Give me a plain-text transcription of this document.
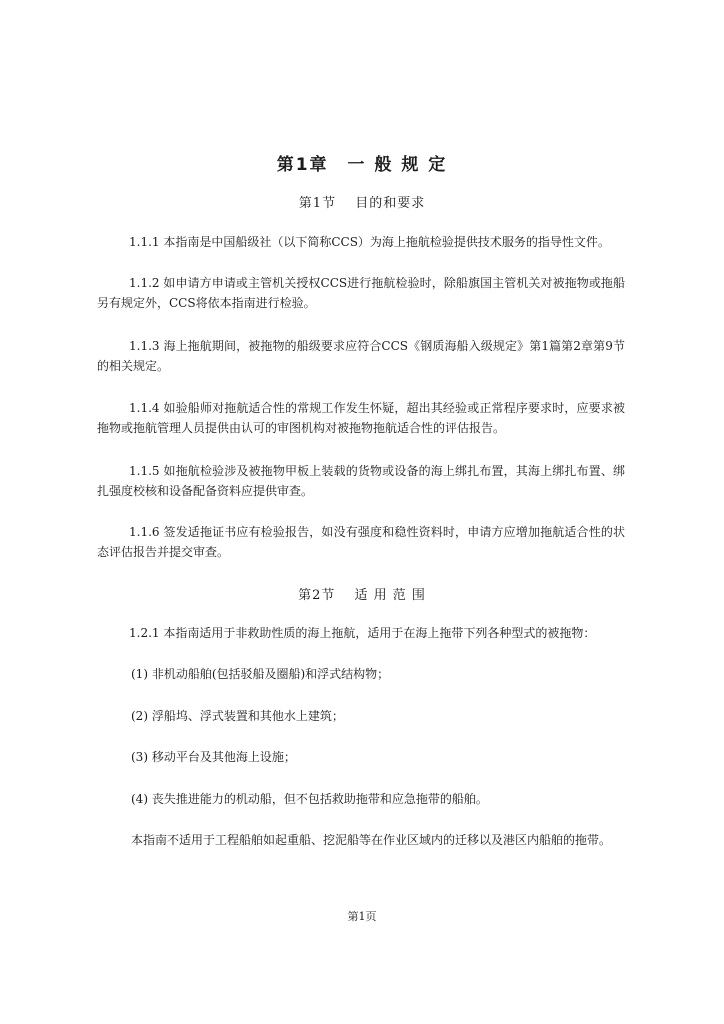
第1章　一 般 规 定
第1节　 目的和要求
1.1.1 本指南是中国船级社（以下简称CCS）为海上拖航检验提供技术服务的指导性文件。
1.1.2 如申请方申请或主管机关授权CCS进行拖航检验时，除船旗国主管机关对被拖物或拖船另有规定外，CCS将依本指南进行检验。
1.1.3 海上拖航期间，被拖物的船级要求应符合CCS《钢质海船入级规定》第1篇第2章第9节的相关规定。
1.1.4 如验船师对拖航适合性的常规工作发生怀疑，超出其经验或正常程序要求时，应要求被拖物或拖航管理人员提供由认可的审图机构对被拖物拖航适合性的评估报告。
1.1.5 如拖航检验涉及被拖物甲板上装载的货物或设备的海上绑扎布置，其海上绑扎布置、绑扎强度校核和设备配备资料应提供审查。
1.1.6 签发适拖证书应有检验报告，如没有强度和稳性资料时，申请方应增加拖航适合性的状态评估报告并提交审查。
第2节　 适 用 范 围
1.2.1 本指南适用于非救助性质的海上拖航，适用于在海上拖带下列各种型式的被拖物：
(1) 非机动船舶(包括驳船及圈船)和浮式结构物；
(2) 浮船坞、浮式装置和其他水上建筑；
(3) 移动平台及其他海上设施；
(4) 丧失推进能力的机动船，但不包括救助拖带和应急拖带的船舶。
本指南不适用于工程船舶如起重船、挖泥船等在作业区域内的迁移以及港区内船舶的拖带。
第1页
